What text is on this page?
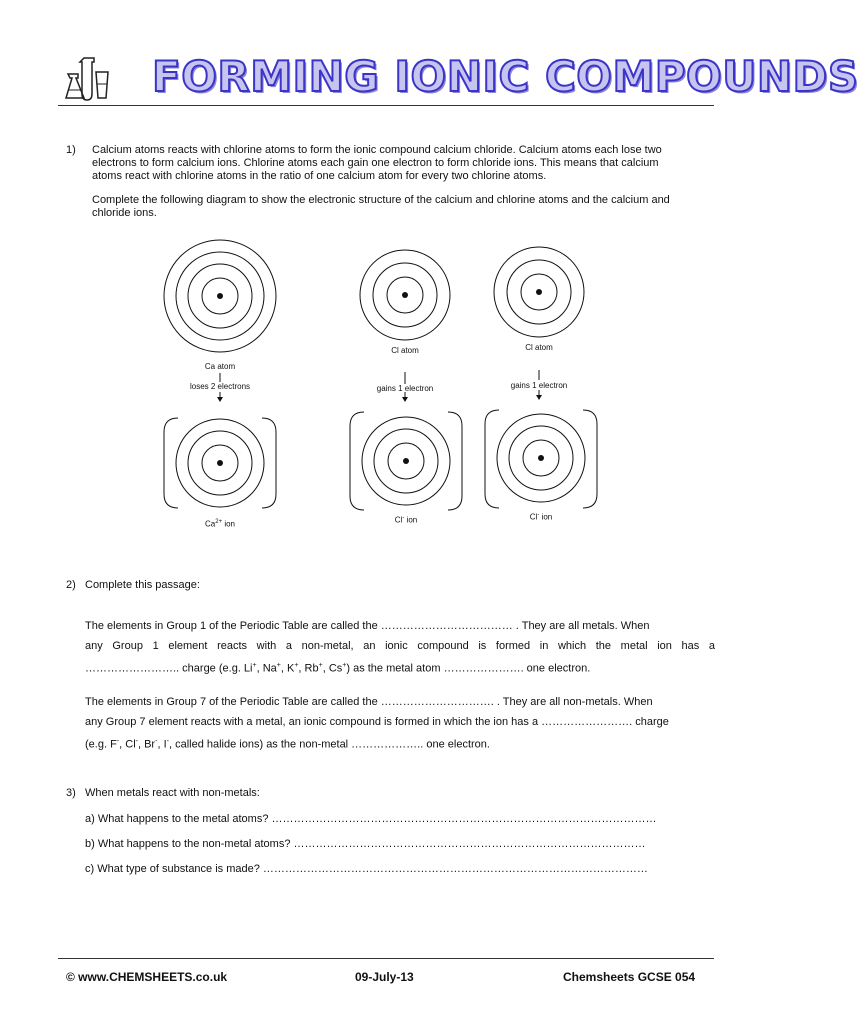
FORMING IONIC COMPOUNDS
1) Calcium atoms reacts with chlorine atoms to form the ionic compound calcium chloride. Calcium atoms each lose two
electrons to form calcium ions. Chlorine atoms each gain one electron to form chloride ions. This means that calcium
atoms react with chlorine atoms in the ratio of one calcium atom for every two chlorine atoms.
Complete the following diagram to show the electronic structure of the calcium and chlorine atoms and the calcium and
chloride ions.
Ca atom
Cl atom	Cl atom
loses 2 electrons	gains 1 electron	gains 1 electron
$Ca^{2+}$ ion	Cl- ion	Cl- ion
2) Complete this passage:
The elements in Group 1 of the Periodic Table are called the ……………………………… . They are all metals. When
any Group 1 element reacts with a non-metal, an ionic compound is formed in which the metal ion has a
…………………….. charge (e.g. Li+, Na+, K+, Rb+, Cs+) as the metal atom …………………. one electron.
The elements in Group 7 of the Periodic Table are called the …………………………. . They are all non-metals. When
any Group 7 element reacts with a metal, an ionic compound is formed in which the ion has a ……………………. charge
(e.g. F-, Cl-, Br-, I-, called halide ions) as the non-metal ……………….. one electron.
3) When metals react with non-metals:
a) What happens to the metal atoms? ……………………………………………………………………………………………
b) What happens to the non-metal atoms? ……………………………………………………………………………………
c) What type of substance is made? ……………………………………………………………………………………………
© www.CHEMSHEETS.co.uk	09-July-13	Chemsheets GCSE 054
